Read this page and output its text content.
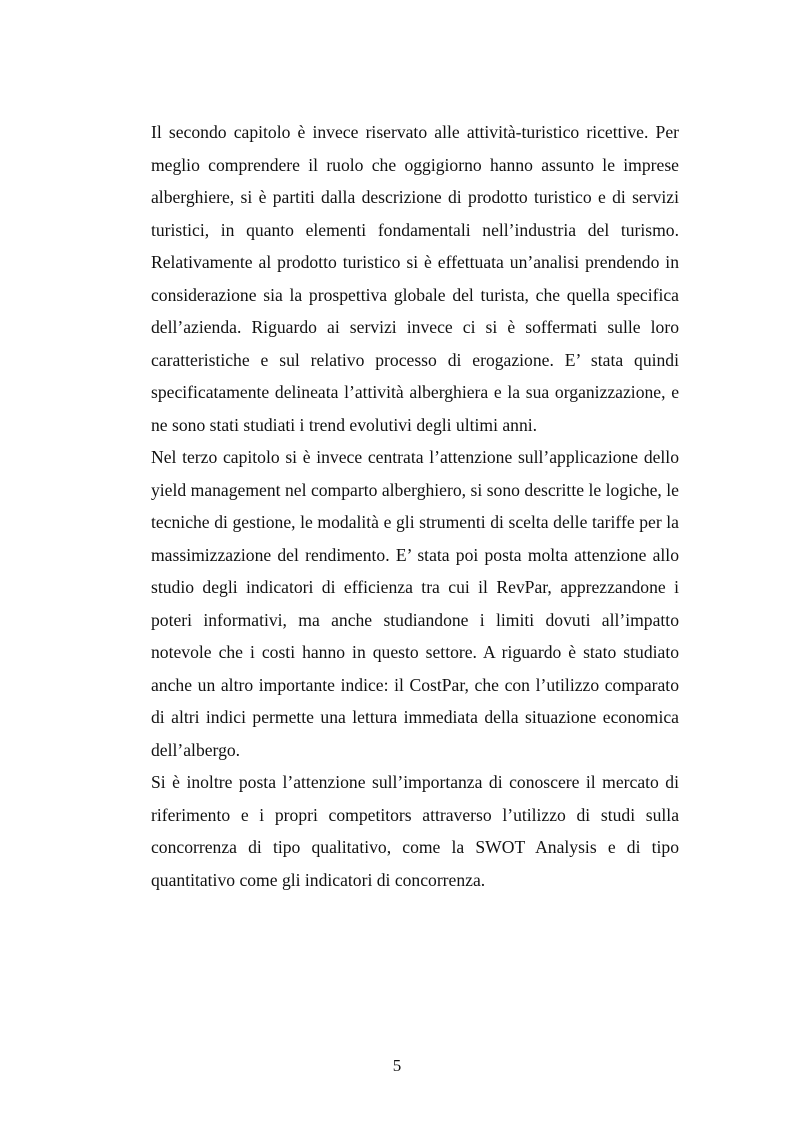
Il secondo capitolo è invece riservato alle attività-turistico ricettive. Per meglio comprendere il ruolo che oggigiorno hanno assunto le imprese alberghiere, si è partiti dalla descrizione di prodotto turistico e di servizi turistici, in quanto elementi fondamentali nell’industria del turismo. Relativamente al prodotto turistico si è effettuata un’analisi prendendo in considerazione sia la prospettiva globale del turista, che quella specifica dell’azienda. Riguardo ai servizi invece ci si è soffermati sulle loro caratteristiche e sul relativo processo di erogazione. E’ stata quindi specificatamente delineata l’attività alberghiera e la sua organizzazione, e ne sono stati studiati i trend evolutivi degli ultimi anni.

Nel terzo capitolo si è invece centrata l’attenzione sull’applicazione dello yield management nel comparto alberghiero, si sono descritte le logiche, le tecniche di gestione, le modalità e gli strumenti di scelta delle tariffe per la massimizzazione del rendimento. E’ stata poi posta molta attenzione allo studio degli indicatori di efficienza tra cui il RevPar, apprezzandone i poteri informativi, ma anche studiandone i limiti dovuti all’impatto notevole che i costi hanno in questo settore. A riguardo è stato studiato anche un altro importante indice: il CostPar, che con l’utilizzo comparato di altri indici permette una lettura immediata della situazione economica dell’albergo.

Si è inoltre posta l’attenzione sull’importanza di conoscere il mercato di riferimento e i propri competitors attraverso l’utilizzo di studi sulla concorrenza di tipo qualitativo, come la SWOT Analysis e di tipo quantitativo come gli indicatori di concorrenza.

5
